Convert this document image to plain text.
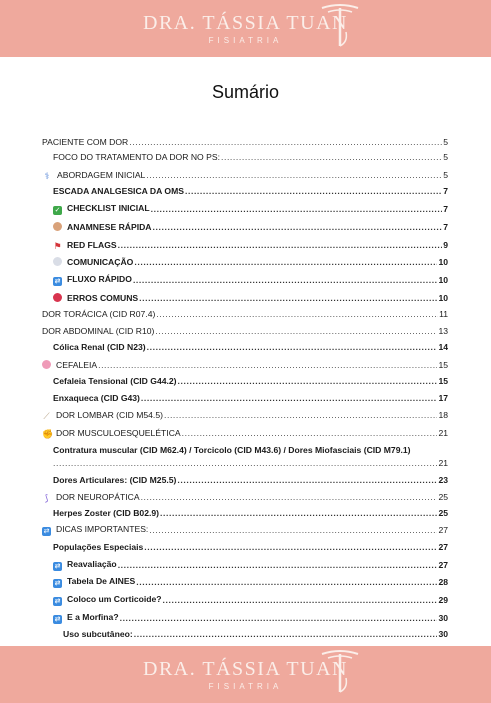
DRA. TÁSSIA TUAN
FISIATRIA
Sumário
PACIENTE COM DOR .....	5
FOCO DO TRATAMENTO DA DOR NO PS: .....	5
⚕ ABORDAGEM INICIAL .....	5
ESCADA ANALGESICA DA OMS .....	7
✓ CHECKLIST INICIAL .....	7
ANAMNESE RÁPIDA .....	7
⚑ RED FLAGS .....	9
COMUNICAÇÃO .....	10
⇄ FLUXO RÁPIDO .....	10
ERROS COMUNS .....	10
DOR TORÁCICA (CID R07.4) .....	11
DOR ABDOMINAL (CID R10) .....	13
Cólica Renal (CID N23) .....	14
CEFALEIA .....	15
Cefaleia Tensional (CID G44.2) .....	15
Enxaqueca (CID G43) .....	17
⟋ DOR LOMBAR (CID M54.5) .....	18
✊ DOR MUSCULOESQUELÉTICA .....	21
Contratura muscular (CID M62.4) / Torcicolo (CID M43.6) / Dores Miofasciais (CID M79.1)
.....
21
Dores Articulares: (CID M25.5) .....	23
⟆ DOR NEUROPÁTICA .....	25
Herpes Zoster (CID B02.9) .....	25
⇄ DICAS IMPORTANTES: .....	27
Populações Especiais .....	27
⇄ Reavaliação .....	27
⇄ Tabela De AINES .....	28
⇄ Coloco um Corticoide? .....	29
⇄ E a Morfina? .....	30
Uso subcutâneo: .....	30
DRA. TÁSSIA TUAN
FISIATRIA
